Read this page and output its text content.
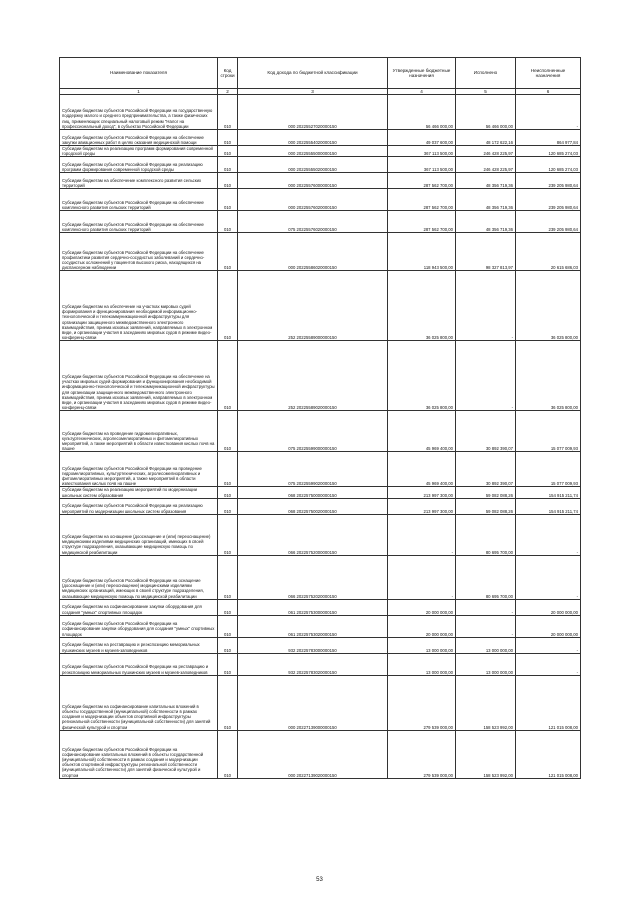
Наименование показателя	Код строки	Код дохода по бюджетной классификации	Утвержденные бюджетные назначения	Исполнено	Неисполненные назначения
1	2	3	4	5	6
Субсидии бюджетам субъектов Российской Федерации на государственную поддержку малого и среднего предпринимательства, а также физических лиц, применяющих специальный налоговый режим "Налог на профессиональный доход", в субъектах Российской Федерации	010	000 20225527020000150	56 466 000,00	56 466 000,00	-
Субсидии бюджетам субъектов Российской Федерации на обеспечение закупки авиационных работ в целях оказания медицинской помощи	010	000 20225554020000150	49 037 600,00	48 172 622,16	864 977,84
Субсидии бюджетам на реализацию программ формирования современной городской среды	010	000 20225555000000150	367 113 500,00	246 428 225,97	120 685 274,03
Субсидии бюджетам субъектов Российской Федерации на реализацию программ формирования современной городской среды	010	000 20225555020000150	367 113 500,00	246 428 225,97	120 685 274,03
Субсидии бюджетам на обеспечение комплексного развития сельских территорий	010	000 20225576000000150	287 562 700,00	48 356 719,36	239 205 980,64
Субсидии бюджетам субъектов Российской Федерации на обеспечение комплексного развития сельских территорий	010	000 20225576020000150	287 562 700,00	48 356 719,36	239 205 980,64
Субсидии бюджетам субъектов Российской Федерации на обеспечение комплексного развития сельских территорий	010	075 20225576020000150	287 562 700,00	48 356 719,36	239 205 980,64
Субсидии бюджетам субъектов Российской Федерации на обеспечение профилактики развития сердечно-сосудистых заболеваний и сердечно-сосудистых осложнений у пациентов высокого риска, находящихся на диспансерном наблюдении	010	000 20225586020000150	118 943 500,00	98 327 813,97	20 615 686,03
Субсидии бюджетам на обеспечение на участках мировых судей формирования и функционирования необходимой информационно-технологической и телекоммуникационной инфраструктуры для организации защищенного межведомственного электронного взаимодействия, приема исковых заявлений, направляемых в электронном виде, и организации участия в заседаниях мировых судов в режиме видео-конференц-связи	010	252 20225589000000150	36 025 800,00	-	36 025 800,00
Субсидии бюджетам субъектов Российской Федерации на обеспечение на участках мировых судей формирования и функционирования необходимой информационно-технологической и телекоммуникационной инфраструктуры для организации защищенного межведомственного электронного взаимодействия, приема исковых заявлений, направляемых в электронном виде, и организации участия в заседаниях мировых судов в режиме видео-конференц-связи	010	252 20225589020000150	36 025 800,00	-	36 025 800,00
Субсидии бюджетам на проведение гидромелиоративных, культуртехнических, агролесомелиоративных и фитомелиоративных мероприятий, а также мероприятий в области известкования кислых почв на пашне	010	075 20225599000000150	45 969 400,00	30 892 390,07	15 077 009,93
Субсидии бюджетам субъектов Российской Федерации на проведение гидромелиоративных, культуртехнических, агролесомелиоративных и фитомелиоративных мероприятий, а также мероприятий в области известкования кислых почв на пашне	010	075 20225599020000150	45 969 400,00	30 892 390,07	15 077 009,93
Субсидии бюджетам на реализацию мероприятий по модернизации школьных систем образования	010	068 20225750000000150	213 997 300,00	59 082 088,26	154 915 211,74
Субсидии бюджетам субъектов Российской Федерации на реализацию мероприятий по модернизации школьных систем образования	010	068 20225750020000150	213 997 300,00	59 082 088,26	154 915 211,74
Субсидии бюджетам на оснащение (дооснащение и (или) переоснащение) медицинскими изделиями медицинских организаций, имеющих в своей структуре подразделения, оказывающие медицинскую помощь по медицинской реабилитации	010	066 20225752000000150	-	80 695 700,00	-
Субсидии бюджетам субъектов Российской Федерации на оснащение (дооснащение и (или) переоснащение) медицинскими изделиями медицинских организаций, имеющих в своей структуре подразделения, оказывающие медицинскую помощь по медицинской реабилитации	010	066 20225752020000150	-	80 695 700,00	-
Субсидии бюджетам на софинансирование закупки оборудования для создания "умных" спортивных площадок	010	061 20225753000000150	20 000 000,00	-	20 000 000,00
Субсидии бюджетам субъектов Российской Федерации на софинансирование закупки оборудования для создания "умных" спортивных площадок	010	061 20225753020000150	20 000 000,00	-	20 000 000,00
Субсидии бюджетам на реставрацию и реэкспозицию мемориальных пушкинских музеев и музеев-заповедников	010	932 20225783000000150	13 000 000,00	13 000 000,00	-
Субсидии бюджетам субъектов Российской Федерации на реставрацию и реэкспозицию мемориальных пушкинских музеев и музеев-заповедников	010	932 20225783020000150	13 000 000,00	13 000 000,00	-
Субсидии бюджетам на софинансирование капитальных вложений в объекты государственной (муниципальной) собственности в рамках создания и модернизации объектов спортивной инфраструктуры региональной собственности (муниципальной собственности) для занятий физической культурой и спортом	010	000 20227139000000150	279 539 000,00	158 523 992,00	121 015 008,00
Субсидии бюджетам субъектов Российской Федерации на софинансирование капитальных вложений в объекты государственной (муниципальной) собственности в рамках создания и модернизации объектов спортивной инфраструктуры региональной собственности (муниципальной собственности) для занятий физической культурой и спортом	010	000 20227139020000150	279 539 000,00	158 523 992,00	121 015 008,00
53
